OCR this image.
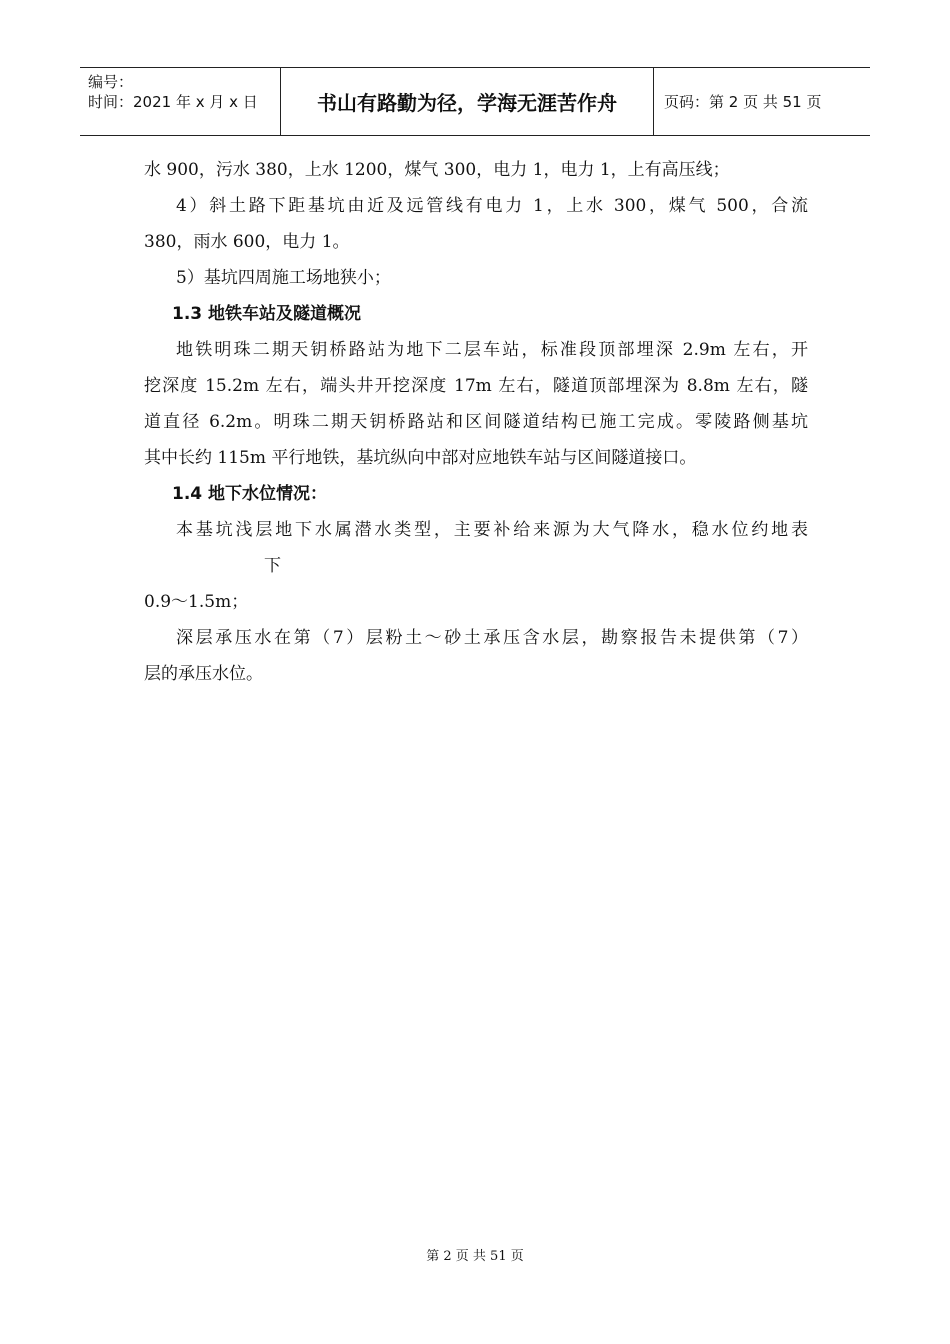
编号：
时间：2021 年 x 月 x 日	书山有路勤为径，学海无涯苦作舟	页码：第 2 页 共 51 页
水 900，污水 380，上水 1200，煤气 300，电力 1，电力 1，上有高压线；
4）斜土路下距基坑由近及远管线有电力 1，上水 300，煤气 500，合流
380，雨水 600，电力 1。
5）基坑四周施工场地狭小；
1.3 地铁车站及隧道概况
地铁明珠二期天钥桥路站为地下二层车站，标准段顶部埋深 2.9m 左右，开
挖深度 15.2m 左右，端头井开挖深度 17m 左右，隧道顶部埋深为 8.8m 左右，隧
道直径 6.2m。明珠二期天钥桥路站和区间隧道结构已施工完成。零陵路侧基坑
其中长约 115m 平行地铁，基坑纵向中部对应地铁车站与区间隧道接口。
1.4 地下水位情况：
本基坑浅层地下水属潜水类型，主要补给来源为大气降水，稳水位约地表
下
0.9～1.5m；
深层承压水在第（7）层粉土～砂土承压含水层，勘察报告未提供第（7）
层的承压水位。
第 2 页 共 51 页
